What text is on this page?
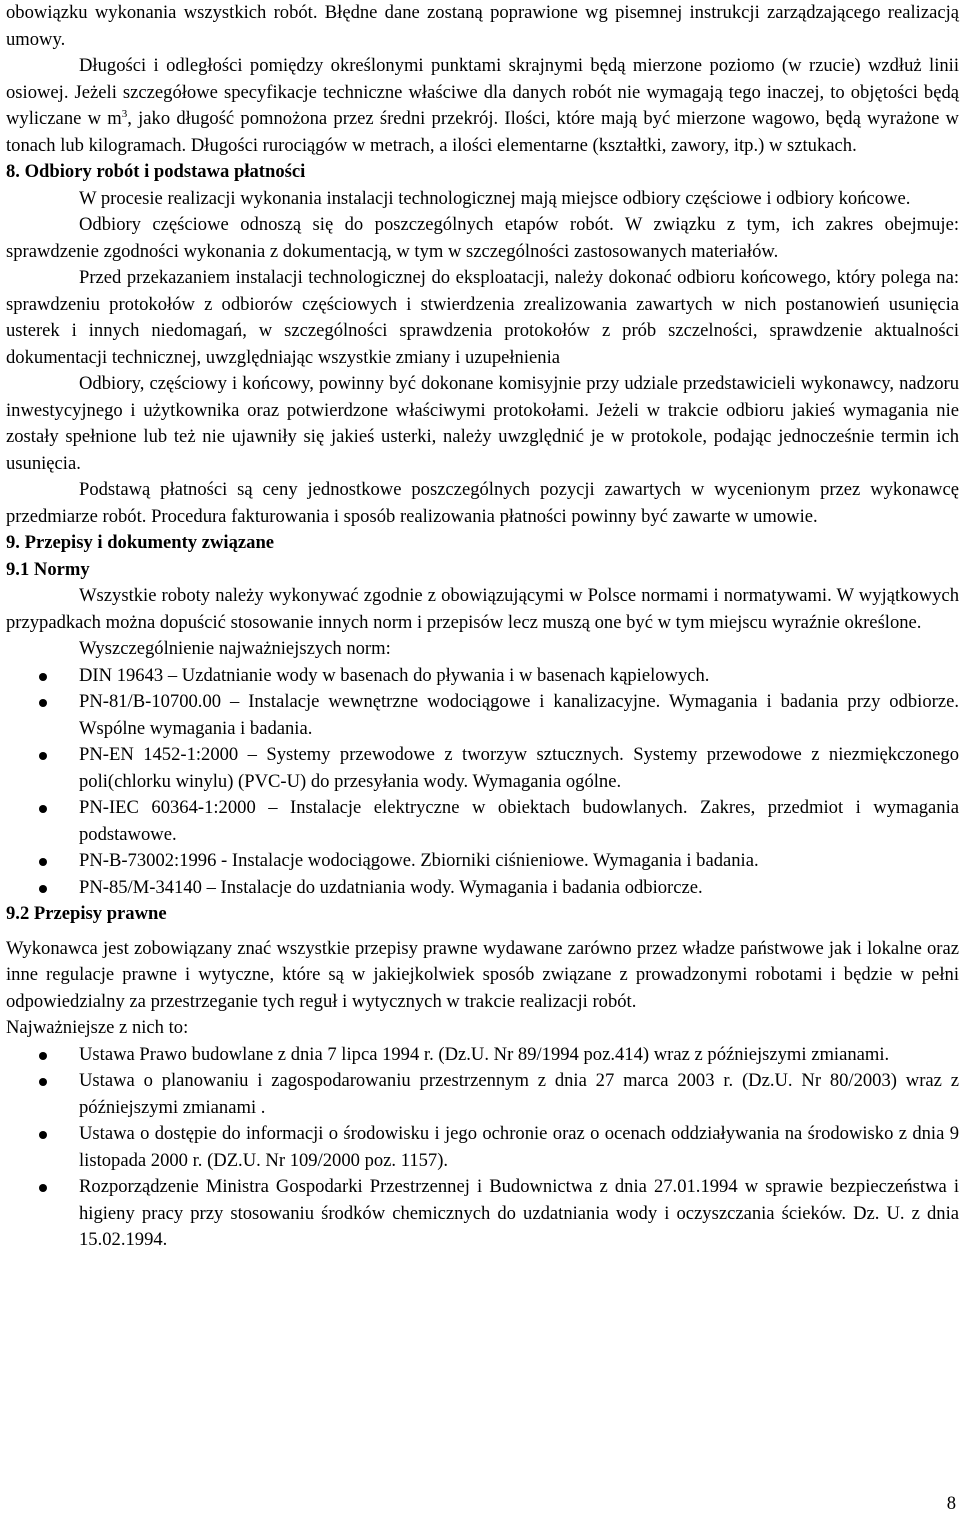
obowiązku wykonania wszystkich robót. Błędne dane zostaną poprawione wg pisemnej instrukcji zarządzającego realizacją umowy.

Długości i odległości pomiędzy określonymi punktami skrajnymi będą mierzone poziomo (w rzucie) wzdłuż linii osiowej. Jeżeli szczegółowe specyfikacje techniczne właściwe dla danych robót nie wymagają tego inaczej, to objętości będą wyliczane w $m^3$, jako długość pomnożona przez średni przekrój. Ilości, które mają być mierzone wagowo, będą wyrażone w tonach lub kilogramach. Długości rurociągów w metrach, a ilości elementarne (kształtki, zawory, itp.) w sztukach.

8. Odbiory robót i podstawa płatności

W procesie realizacji wykonania instalacji technologicznej mają miejsce odbiory częściowe i odbiory końcowe.

Odbiory częściowe odnoszą się do poszczególnych etapów robót. W związku z tym, ich zakres obejmuje: sprawdzenie zgodności wykonania z dokumentacją, w tym w szczególności zastosowanych materiałów.

Przed przekazaniem instalacji technologicznej do eksploatacji, należy dokonać odbioru końcowego, który polega na: sprawdzeniu protokołów z odbiorów częściowych i stwierdzenia zrealizowania zawartych w nich postanowień usunięcia usterek i innych niedomagań, w szczególności sprawdzenia protokołów z prób szczelności, sprawdzenie aktualności dokumentacji technicznej, uwzględniając wszystkie zmiany i uzupełnienia

Odbiory, częściowy i końcowy, powinny być dokonane komisyjnie przy udziale przedstawicieli wykonawcy, nadzoru inwestycyjnego i użytkownika oraz potwierdzone właściwymi protokołami. Jeżeli w trakcie odbioru jakieś wymagania nie zostały spełnione lub też nie ujawniły się jakieś usterki, należy uwzględnić je w protokole, podając jednocześnie termin ich usunięcia.

Podstawą płatności są ceny jednostkowe poszczególnych pozycji zawartych w wycenionym przez wykonawcę przedmiarze robót. Procedura fakturowania i sposób realizowania płatności powinny być zawarte w umowie.

9. Przepisy i dokumenty związane
9.1 Normy

Wszystkie roboty należy wykonywać zgodnie z obowiązującymi w Polsce normami i normatywami. W wyjątkowych przypadkach można dopuścić stosowanie innych norm i przepisów lecz muszą one być w tym miejscu wyraźnie określone.

Wyszczególnienie najważniejszych norm:

DIN 19643 – Uzdatnianie wody w basenach do pływania i w basenach kąpielowych.
PN-81/B-10700.00 – Instalacje wewnętrzne wodociągowe i kanalizacyjne. Wymagania i badania przy odbiorze. Wspólne wymagania i badania.
PN-EN 1452-1:2000 – Systemy przewodowe z tworzyw sztucznych. Systemy przewodowe z niezmiękczonego poli(chlorku winylu) (PVC-U) do przesyłania wody. Wymagania ogólne.
PN-IEC 60364-1:2000 – Instalacje elektryczne w obiektach budowlanych. Zakres, przedmiot i wymagania podstawowe.
PN-B-73002:1996 - Instalacje wodociągowe. Zbiorniki ciśnieniowe. Wymagania i badania.
PN-85/M-34140 – Instalacje do uzdatniania wody. Wymagania i badania odbiorcze.
9.2 Przepisy prawne

Wykonawca jest zobowiązany znać wszystkie przepisy prawne wydawane zarówno przez władze państwowe jak i lokalne oraz inne regulacje prawne i wytyczne, które są w jakiejkolwiek sposób związane z prowadzonymi robotami i będzie w pełni odpowiedzialny za przestrzeganie tych reguł i wytycznych w trakcie realizacji robót.

Najważniejsze z nich to:

Ustawa Prawo budowlane z dnia 7 lipca 1994 r. (Dz.U. Nr 89/1994 poz.414) wraz z późniejszymi zmianami.
Ustawa o planowaniu i zagospodarowaniu przestrzennym z dnia 27 marca 2003 r. (Dz.U. Nr 80/2003) wraz z późniejszymi zmianami .
Ustawa o dostępie do informacji o środowisku i jego ochronie oraz o ocenach oddziaływania na środowisko z dnia 9 listopada 2000 r. (DZ.U. Nr 109/2000 poz. 1157).
Rozporządzenie Ministra Gospodarki Przestrzennej i Budownictwa z dnia 27.01.1994 w sprawie bezpieczeństwa i higieny pracy przy stosowaniu środków chemicznych do uzdatniania wody i oczyszczania ścieków. Dz. U. z dnia 15.02.1994.
8
